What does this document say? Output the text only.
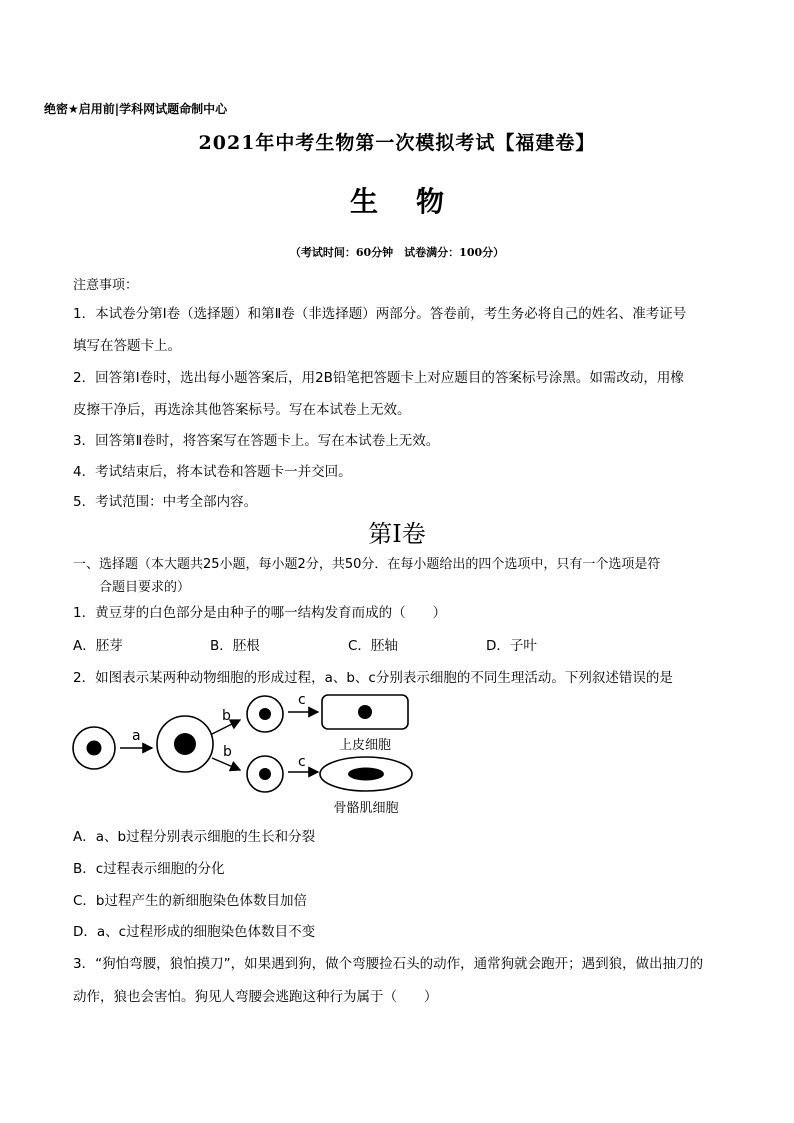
绝密★启用前|学科网试题命制中心
2021年中考生物第一次模拟考试【福建卷】
生物
（考试时间：60分钟　试卷满分：100分）
注意事项：
1．本试卷分第Ⅰ卷（选择题）和第Ⅱ卷（非选择题）两部分。答卷前，考生务必将自己的姓名、准考证号
填写在答题卡上。
2．回答第Ⅰ卷时，选出每小题答案后，用2B铅笔把答题卡上对应题目的答案标号涂黑。如需改动，用橡
皮擦干净后，再选涂其他答案标号。写在本试卷上无效。
3．回答第Ⅱ卷时，将答案写在答题卡上。写在本试卷上无效。
4．考试结束后，将本试卷和答题卡一并交回。
5．考试范围：中考全部内容。
第Ⅰ卷
一、选择题（本大题共25小题，每小题2分，共50分．在每小题给出的四个选项中，只有一个选项是符
合题目要求的）
1．黄豆芽的白色部分是由种子的哪一结构发育而成的（　　）
A．胚芽	B．胚根	C．胚轴	D．子叶
2．如图表示某两种动物细胞的形成过程，a、b、c分别表示细胞的不同生理活动。下列叙述错误的是
a
b
b
c
c
上皮细胞
骨骼肌细胞
A．a、b过程分别表示细胞的生长和分裂
B．c过程表示细胞的分化
C．b过程产生的新细胞染色体数目加倍
D．a、c过程形成的细胞染色体数目不变
3．“狗怕弯腰，狼怕摸刀”，如果遇到狗，做个弯腰捡石头的动作，通常狗就会跑开；遇到狼，做出抽刀的
动作，狼也会害怕。狗见人弯腰会逃跑这种行为属于（　　）
